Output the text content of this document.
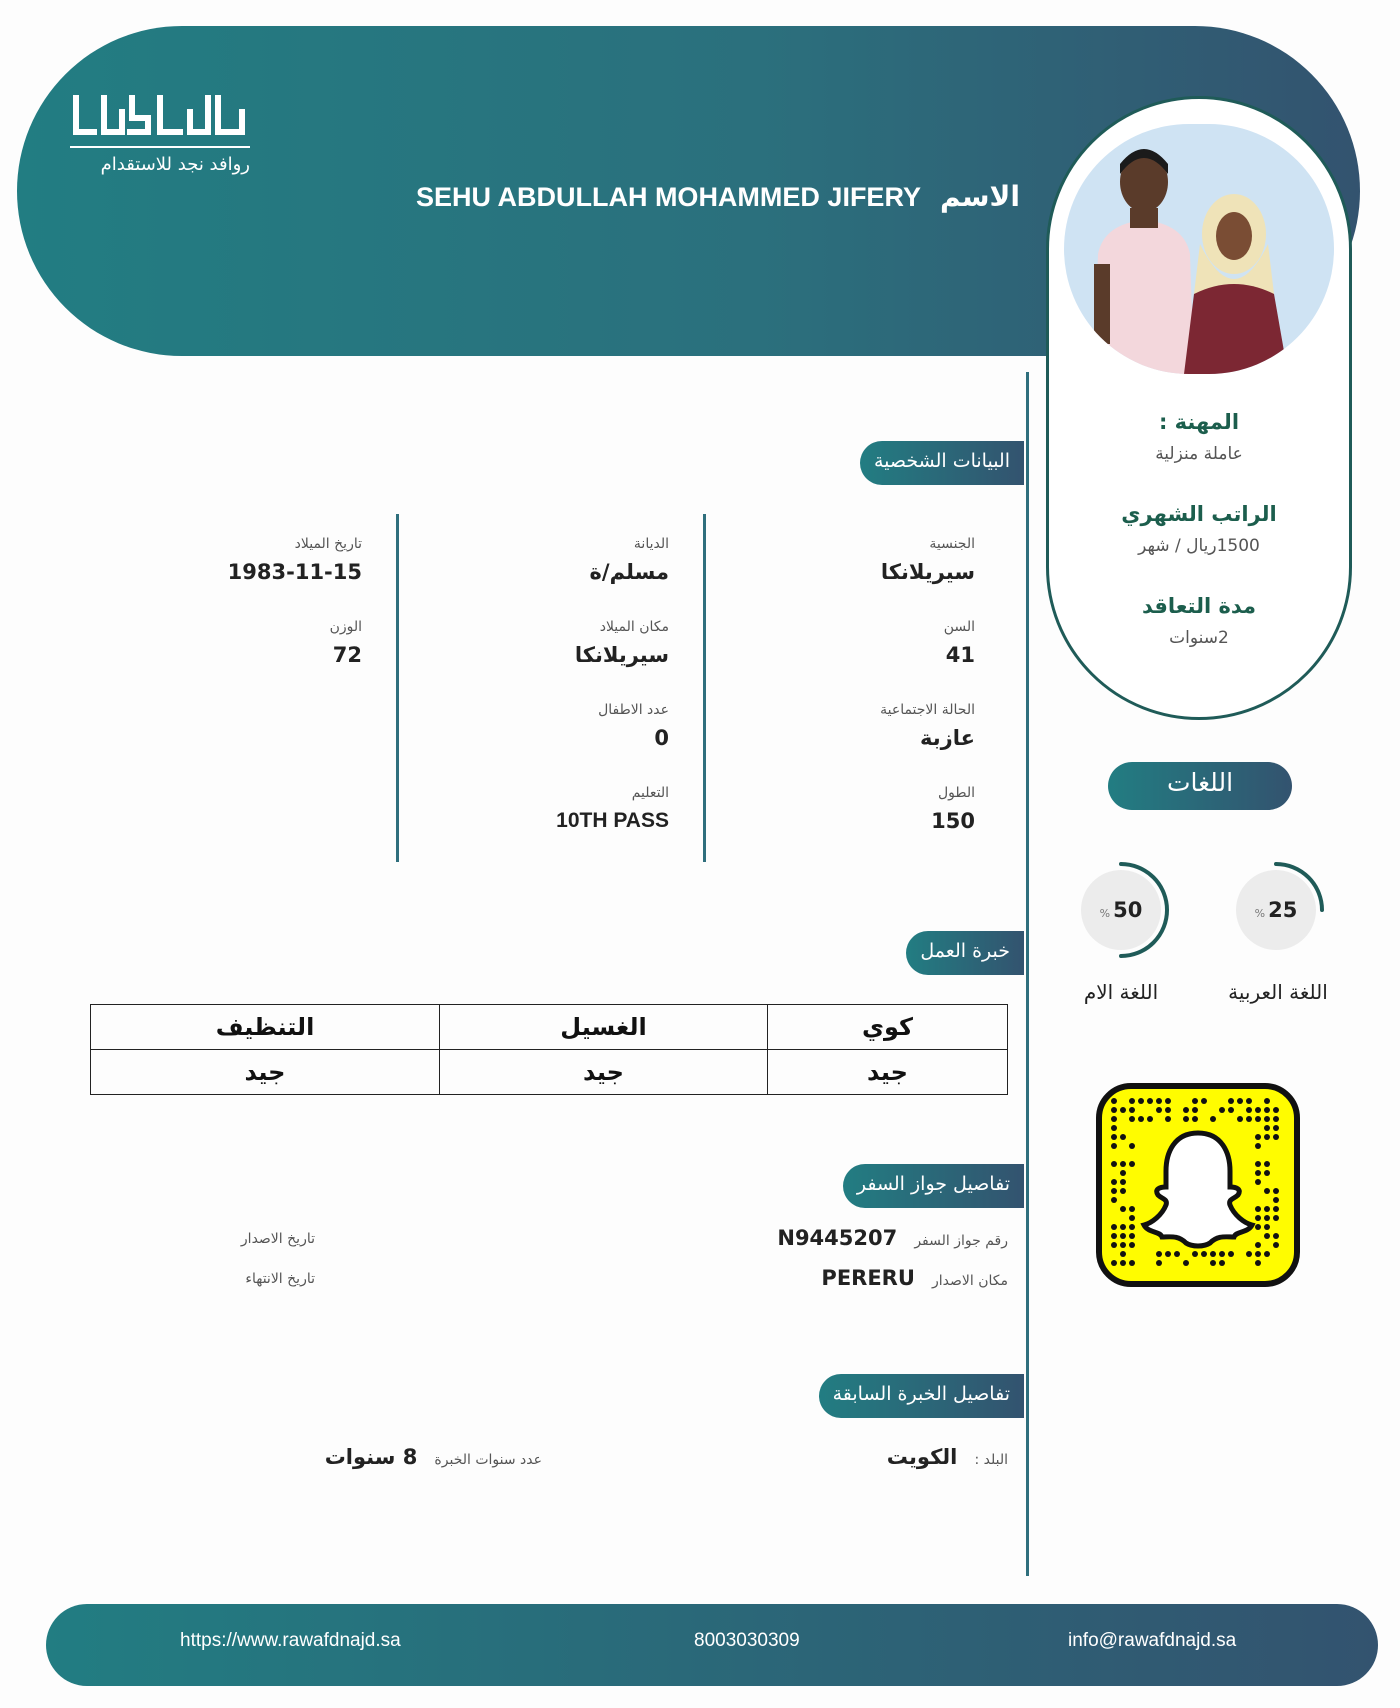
روافد نجد للاستقدام
الاسم SEHU ABDULLAH MOHAMMED JIFERY
المهنة :
عاملة منزلية
الراتب الشهري
1500ريال / شهر
مدة التعاقد
2سنوات
البيانات الشخصية
الجنسية
سيريلانكا
السن
41
الحالة الاجتماعية
عازبة
الطول
150
الديانة
مسلم/ة
مكان الميلاد
سيريلانكا
عدد الاطفال
0
التعليم
10TH PASS
تاريخ الميلاد
1983-11-15
الوزن
72
خبرة العمل
كوي	الغسيل	التنظيف
جيد	جيد	جيد
اللغات
% 25
اللغة العربية
% 50
اللغة الام
تفاصيل جواز السفر
رقم جواز السفر N9445207
مكان الاصدار PERERU
تاريخ الاصدار
تاريخ الانتهاء
تفاصيل الخبرة السابقة
البلد : الكويت
عدد سنوات الخبرة 8 سنوات
https://www.rawafdnajd.sa	8003030309	info@rawafdnajd.sa
